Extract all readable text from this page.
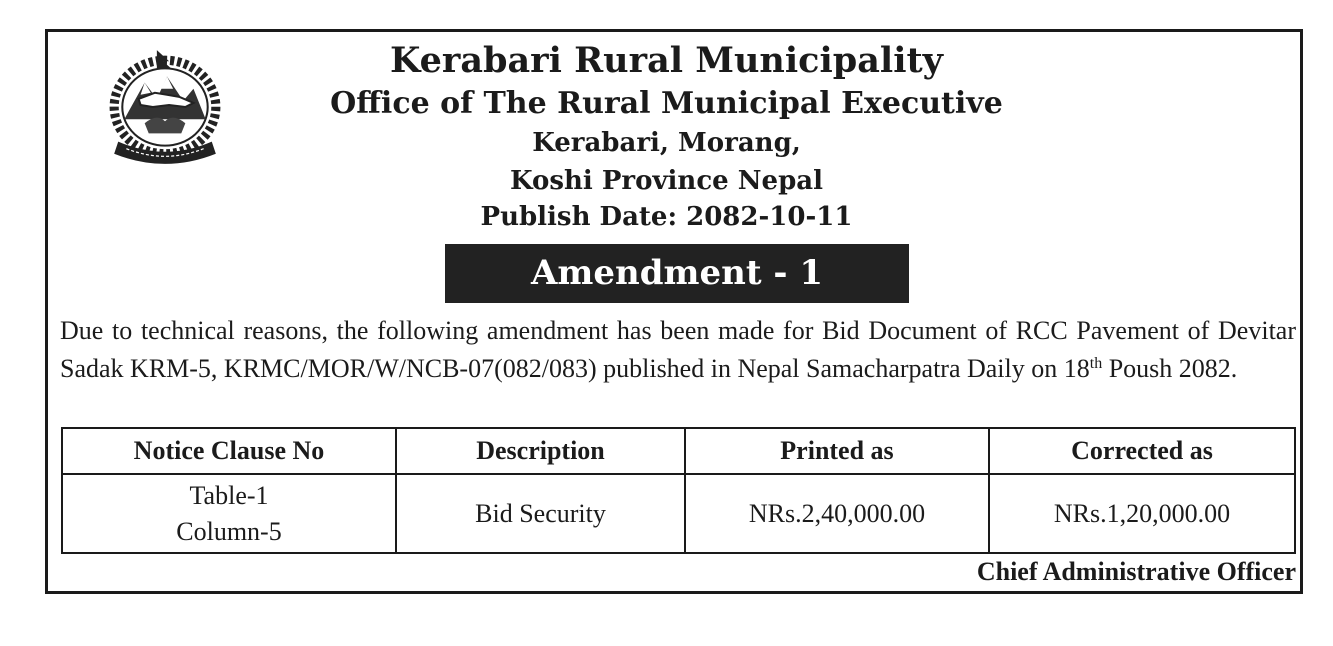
Kerabari Rural Municipality
Office of The Rural Municipal Executive
Kerabari, Morang,
Koshi Province Nepal
Publish Date: 2082-10-11
Amendment - 1

Due to technical reasons, the following amendment has been made for Bid Document of RCC Pavement of Devitar Sadak KRM-5, KRMC/MOR/W/NCB-07(082/083) published in Nepal Samacharpatra Daily on 18th Poush 2082.

Notice Clause No	Description	Printed as	Corrected as

Table-1
Column-5	Bid Security	NRs.2,40,000.00	NRs.1,20,000.00
Chief Administrative Officer
